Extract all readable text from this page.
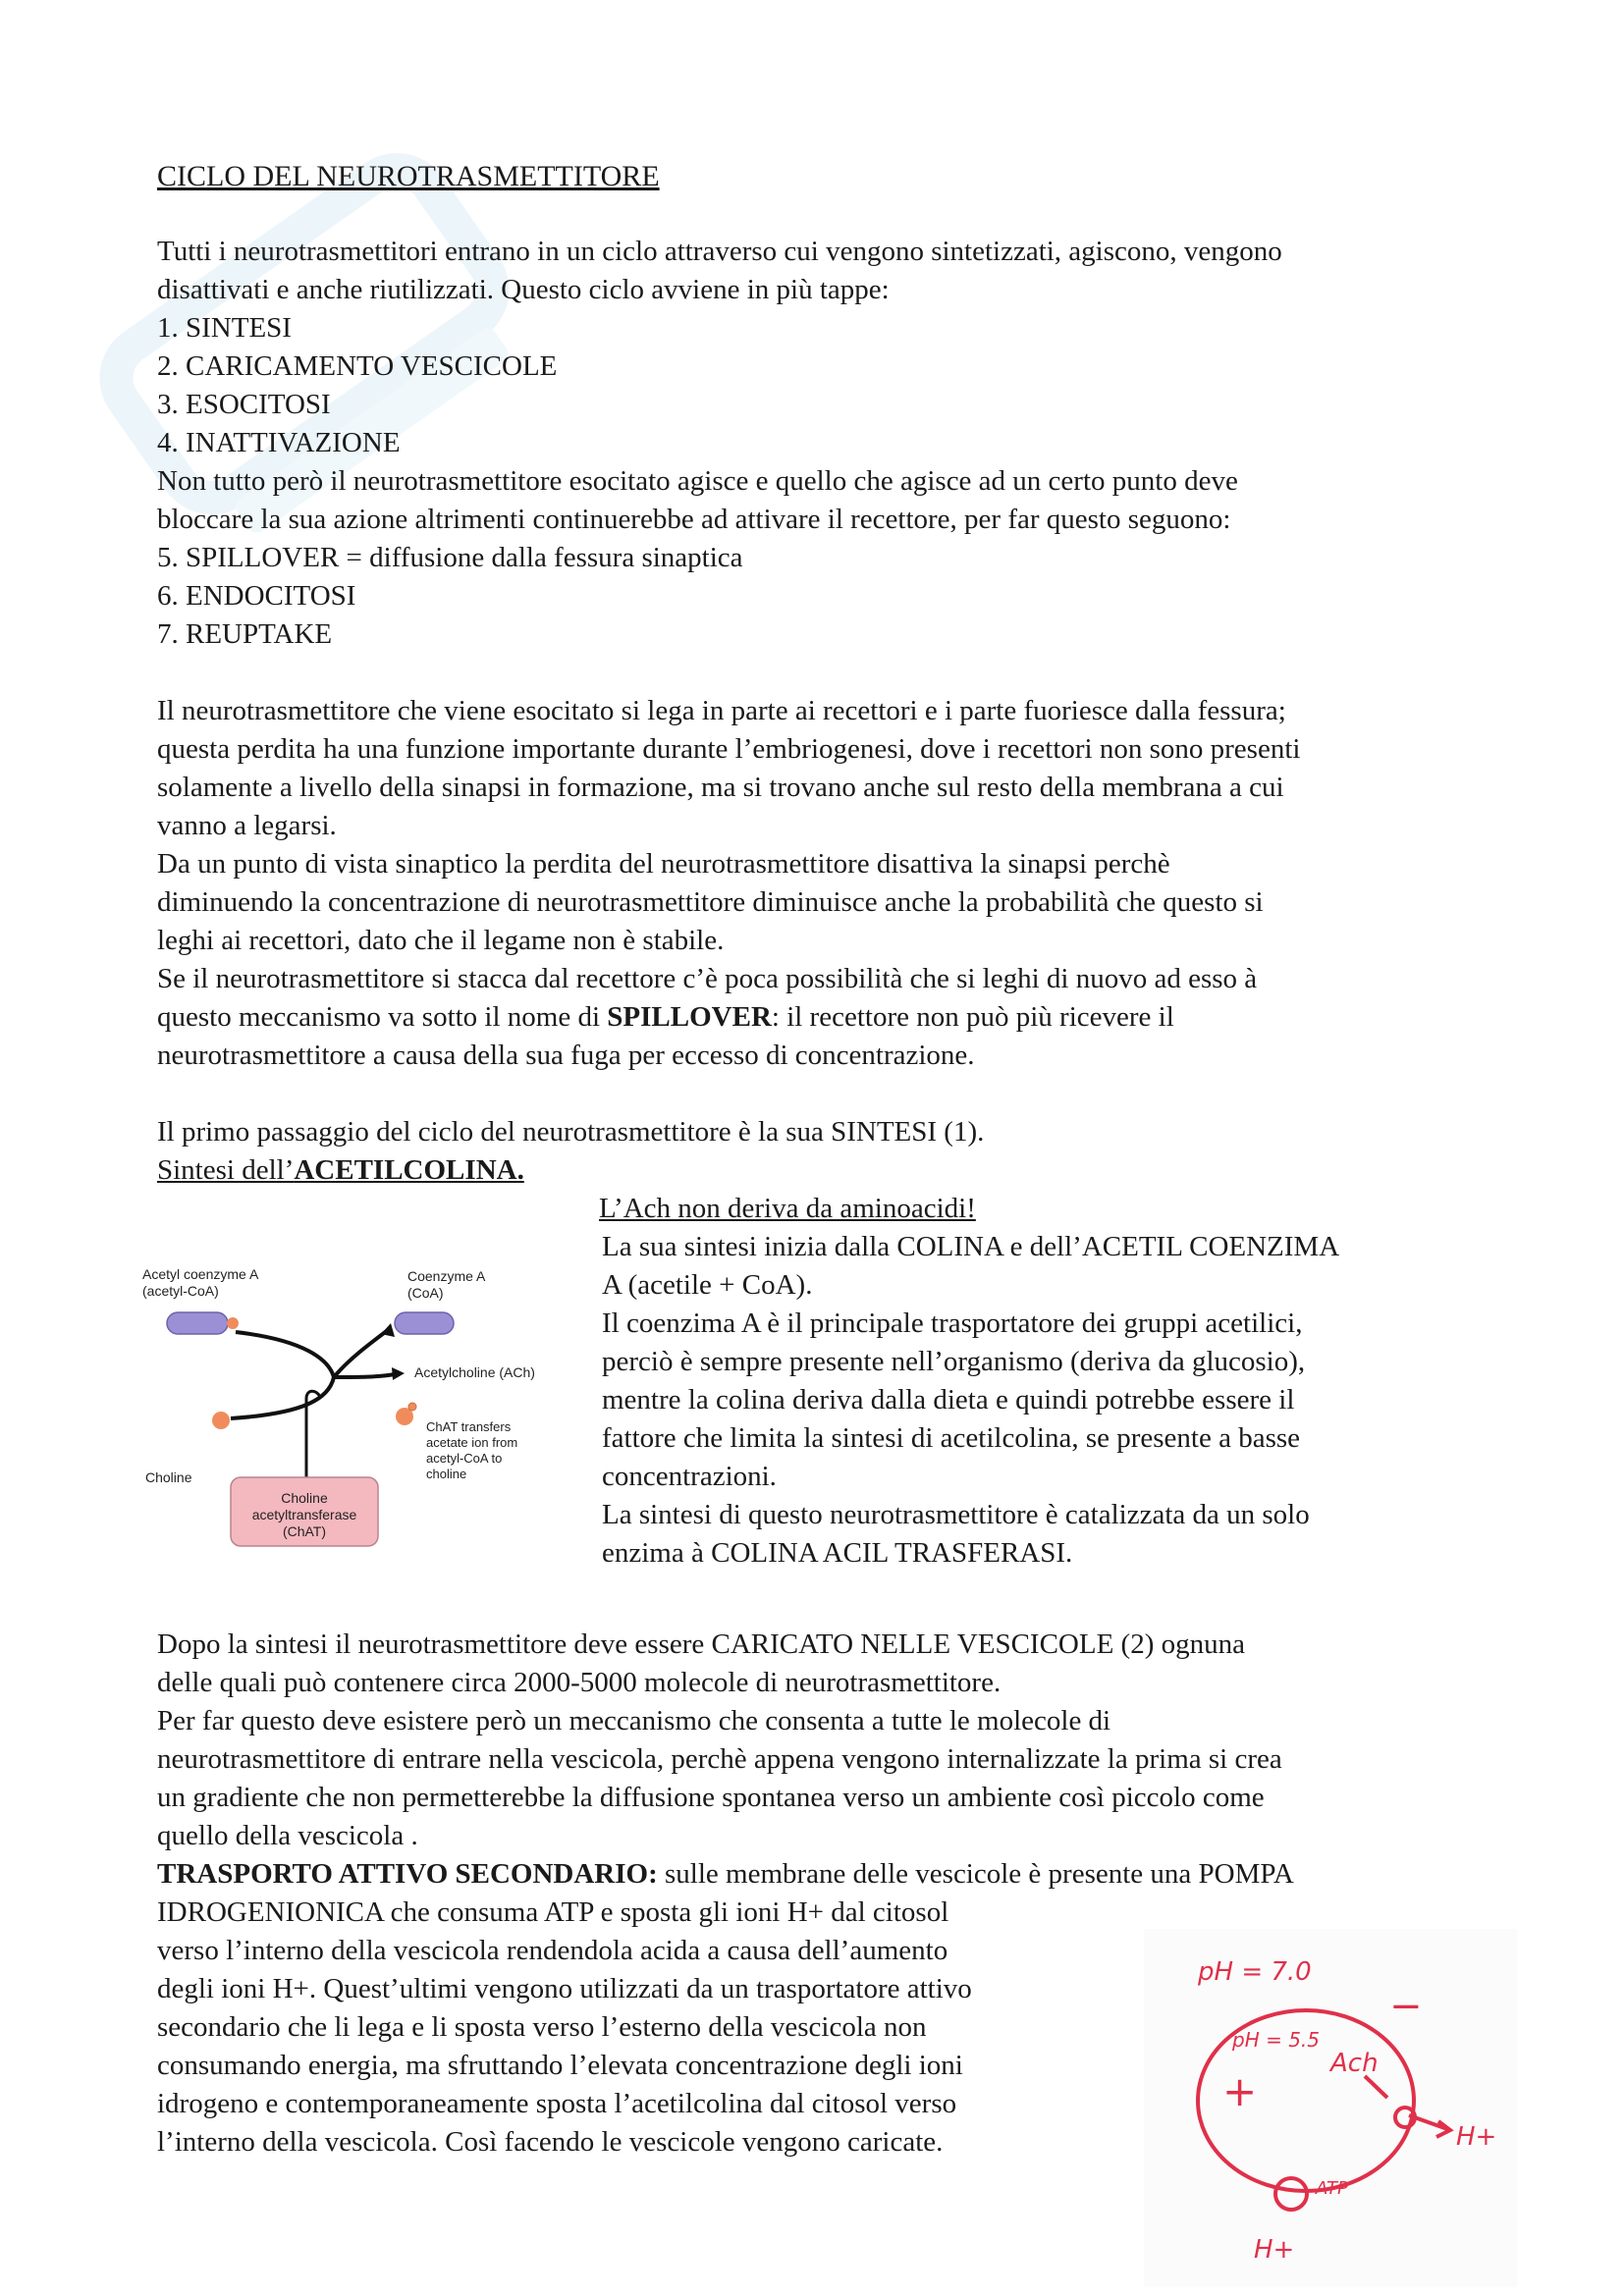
CICLO DEL NEUROTRASMETTITORE
Tutti i neurotrasmettitori entrano in un ciclo attraverso cui vengono sintetizzati, agiscono, vengono
disattivati e anche riutilizzati. Questo ciclo avviene in più tappe:
1. SINTESI
2. CARICAMENTO VESCICOLE
3. ESOCITOSI
4. INATTIVAZIONE
Non tutto però il neurotrasmettitore esocitato agisce e quello che agisce ad un certo punto deve
bloccare la sua azione altrimenti continuerebbe ad attivare il recettore, per far questo seguono:
5. SPILLOVER = diffusione dalla fessura sinaptica
6. ENDOCITOSI
7. REUPTAKE
Il neurotrasmettitore che viene esocitato si lega in parte ai recettori e i parte fuoriesce dalla fessura;
questa perdita ha una funzione importante durante l’embriogenesi, dove i recettori non sono presenti
solamente a livello della sinapsi in formazione, ma si trovano anche sul resto della membrana a cui
vanno a legarsi.
Da un punto di vista sinaptico la perdita del neurotrasmettitore disattiva la sinapsi perchè
diminuendo la concentrazione di neurotrasmettitore diminuisce anche la probabilità che questo si
leghi ai recettori, dato che il legame non è stabile.
Se il neurotrasmettitore si stacca dal recettore c’è poca possibilità che si leghi di nuovo ad esso à
questo meccanismo va sotto il nome di SPILLOVER: il recettore non può più ricevere il
neurotrasmettitore a causa della sua fuga per eccesso di concentrazione.
Il primo passaggio del ciclo del neurotrasmettitore è la sua SINTESI (1).
Sintesi dell’ACETILCOLINA.
L’Ach non deriva da aminoacidi!
La sua sintesi inizia dalla COLINA e dell’ACETIL COENZIMA
A (acetile + CoA).
Il coenzima A è il principale trasportatore dei gruppi acetilici,
perciò è sempre presente nell’organismo (deriva da glucosio),
mentre la colina deriva dalla dieta e quindi potrebbe essere il
fattore che limita la sintesi di acetilcolina, se presente a basse
concentrazioni.
La sintesi di questo neurotrasmettitore è catalizzata da un solo
enzima à COLINA ACIL TRASFERASI.
Acetyl coenzyme A
(acetyl-CoA)
Coenzyme A
(CoA)
Acetylcholine (ACh)
ChAT transfers
acetate ion from
acetyl-CoA to
choline
Choline
Choline
acetyltransferase
(ChAT)
Dopo la sintesi il neurotrasmettitore deve essere CARICATO NELLE VESCICOLE (2) ognuna
delle quali può contenere circa 2000-5000 molecole di neurotrasmettitore.
Per far questo deve esistere però un meccanismo che consenta a tutte le molecole di
neurotrasmettitore di entrare nella vescicola, perchè appena vengono internalizzate la prima si crea
un gradiente che non permetterebbe la diffusione spontanea verso un ambiente così piccolo come
quello della vescicola .
TRASPORTO ATTIVO SECONDARIO: sulle membrane delle vescicole è presente una POMPA
IDROGENIONICA che consuma ATP e sposta gli ioni H+ dal citosol
verso l’interno della vescicola rendendola acida a causa dell’aumento
degli ioni H+. Quest’ultimi vengono utilizzati da un trasportatore attivo
secondario che li lega e li sposta verso l’esterno della vescicola non
consumando energia, ma sfruttando l’elevata concentrazione degli ioni
idrogeno e contemporaneamente sposta l’acetilcolina dal citosol verso
l’interno della vescicola. Così facendo le vescicole vengono caricate.
pH = 7.0
−
pH = 5.5
+
Ach
H+
ATP
H+
